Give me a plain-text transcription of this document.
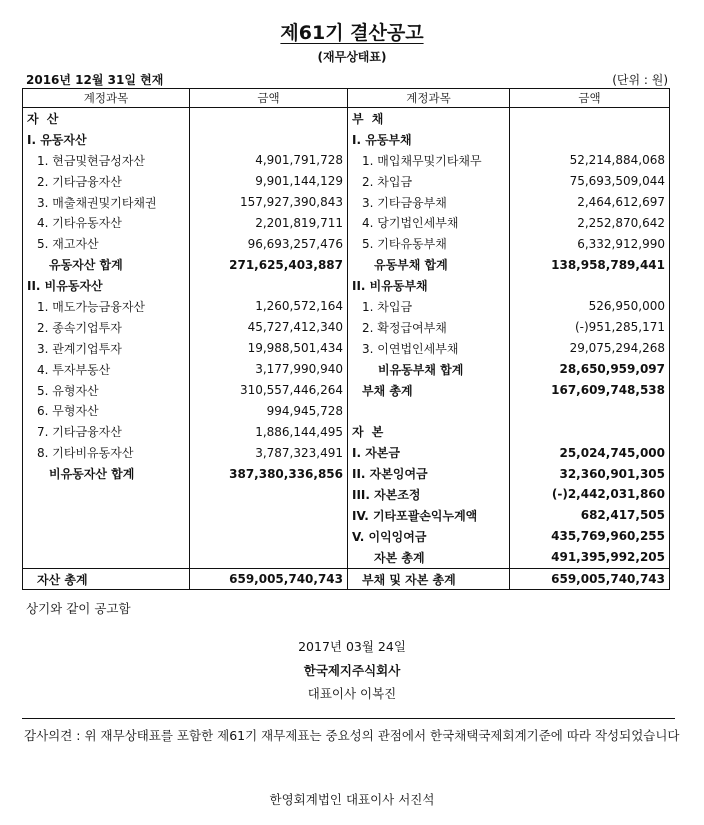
제61기 결산공고
(재무상태표)
2016년 12월 31일 현재	(단위 : 원)
계정과목	금액	계정과목	금액
자 산		부 채	
I. 유동자산		I. 유동부채	
1. 현금및현금성자산	4,901,791,728	1. 매입채무및기타채무	52,214,884,068
2. 기타금융자산	9,901,144,129	2. 차입금	75,693,509,044
3. 매출채권및기타채권	157,927,390,843	3. 기타금융부채	2,464,612,697
4. 기타유동자산	2,201,819,711	4. 당기법인세부채	2,252,870,642
5. 재고자산	96,693,257,476	5. 기타유동부채	6,332,912,990
유동자산 합계	271,625,403,887	유동부채 합계	138,958,789,441
II. 비유동자산		II. 비유동부채	
1. 매도가능금융자산	1,260,572,164	1. 차입금	526,950,000
2. 종속기업투자	45,727,412,340	2. 확정급여부채	(-)951,285,171
3. 관계기업투자	19,988,501,434	3. 이연법인세부채	29,075,294,268
4. 투자부동산	3,177,990,940	비유동부채 합계	28,650,959,097
5. 유형자산	310,557,446,264	부채 총계	167,609,748,538
6. 무형자산	994,945,728		
7. 기타금융자산	1,886,144,495	자 본	
8. 기타비유동자산	3,787,323,491	I. 자본금	25,024,745,000
비유동자산 합계	387,380,336,856	II. 자본잉여금	32,360,901,305
		III. 자본조정	(-)2,442,031,860
		IV. 기타포괄손익누계액	682,417,505
		V. 이익잉여금	435,769,960,255
		자본 총계	491,395,992,205
자산 총계	659,005,740,743	부채 및 자본 총계	659,005,740,743
상기와 같이 공고함
2017년 03월 24일
한국제지주식회사
대표이사 이복진
감사의견 : 위 재무상태표를 포함한 제61기 재무제표는 중요성의 관점에서 한국채택국제회계기준에 따라 작성되었습니다
한영회계법인 대표이사 서진석
